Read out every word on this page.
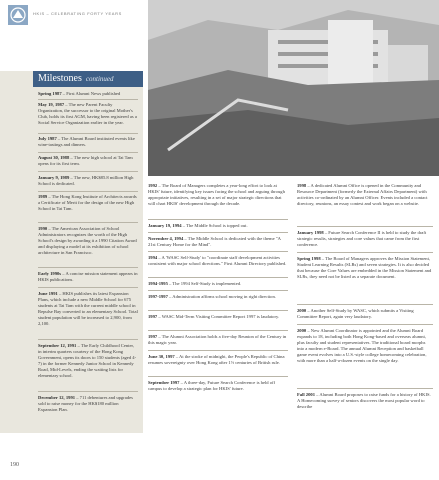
HKIS – CELEBRATING FORTY YEARS
Milestones continued
Spring 1987 – First Alumni News published
May 19, 1987 – The new Parent Faculty Organization, the successor to the original Mother's Club, holds its first AGM, having been registered as a Social Service Organization earlier in the year.
July 1987 – The Alumni Board instituted events like wine-tastings and dinners.
August 30, 1988 – The new high school at Tai Tam opens for its first term.
January 9, 1989 – The new, HK$85.8 million High School is dedicated.
1989 – The Hong Kong Institute of Architects awards a Certificate of Merit for the design of the new High School in Tai Tam.
1990 – The American Association of School Administrators recognizes the worth of the High School's design by awarding it a 1990 Citation Award and displaying a model at its exhibition of school architecture in San Francisco.
Early 1990s – A concise mission statement appears in HKIS publications.
June 1991 – HKIS publishes its latest Expansion Plans, which include a new Middle School for 675 students at Tai Tam with the current middle school in Repulse Bay converted to an elementary School. Total student population will be increased to 2,900, from 2,100.
September 12, 1991 – The Early Childhood Center, in interim quarters courtesy of the Hong Kong Government, opens its doors to 150 students (aged 4-7) in the former Kennedy Junior School in Kennedy Road, Mid-Levels, ending the waiting lists for elementary school.
December 12, 1991 – 711 debentures and upgrades sold to raise money for the HK$180 million Expansion Plan.
1992 – The Board of Managers completes a year-long effort to look at HKIS' future, identifying key issues facing the school and arguing through appropriate initiatives, resulting in a set of major strategic directions that will chart HKIS' development through the decade.
January 19, 1994 – The Middle School is topped out.
November 4, 1994 – The Middle School is dedicated with the theme "A 21st Century Home for the Mind".
1994 – A 'WASC Self-Study' to "coordinate staff development activities consistent with major school directions." First Alumni Directory published.
1994-1995 – The 1994 Self-Study is implemented.
1997-1997 – Administration affirms school moving in right direction.
1997 – WASC Mid-Term Visiting Committee Report 1997 is laudatory.
1997 – The Alumni Association holds a five-day Reunion of the Century in this magic year.
June 30, 1997 – At the stroke of midnight, the People's Republic of China resumes sovereignty over Hong Kong after 1½ centuries of British rule.
September 1997 – A three-day, Future Search Conference is held off campus to develop a strategic plan for HKIS' future.
1998 – A dedicated Alumni Office is opened in the Community and Resource Department (formerly the External Affairs Department) with activities co-ordinated by an Alumni Officer. Events included a contact directory, reunions, an essay contest and work began on a website.
January 1998 – Future Search Conference II is held to study the draft strategic results, strategies and core values that came from the first conference.
Spring 1998 – The Board of Managers approves the Mission Statement, Student Learning Results (SLRs) and seven strategies. It is also decided that because the Core Values are embedded in the Mission Statement and SLRs, they need not be listed as a separate document.
2000 – Another Self-Study by WASC, which submits a Visiting Committee Report, again very laudatory.
2000 – New Alumni Coordinator is appointed and the Alumni Board expands to 18, including both Hong Kong-based and overseas alumni, plus faculty and student representatives. The traditional board morphs into a modern e-Board. The annual Alumni Reception and basketball game event evolves into a U.S.-style college homecoming celebration, with more than a half-a-dozen events on the single day.
Fall 2001 – Alumni Board proposes to raise funds for a history of HKIS. A Homecoming survey of seniors discovers the most popular word to describe
190
